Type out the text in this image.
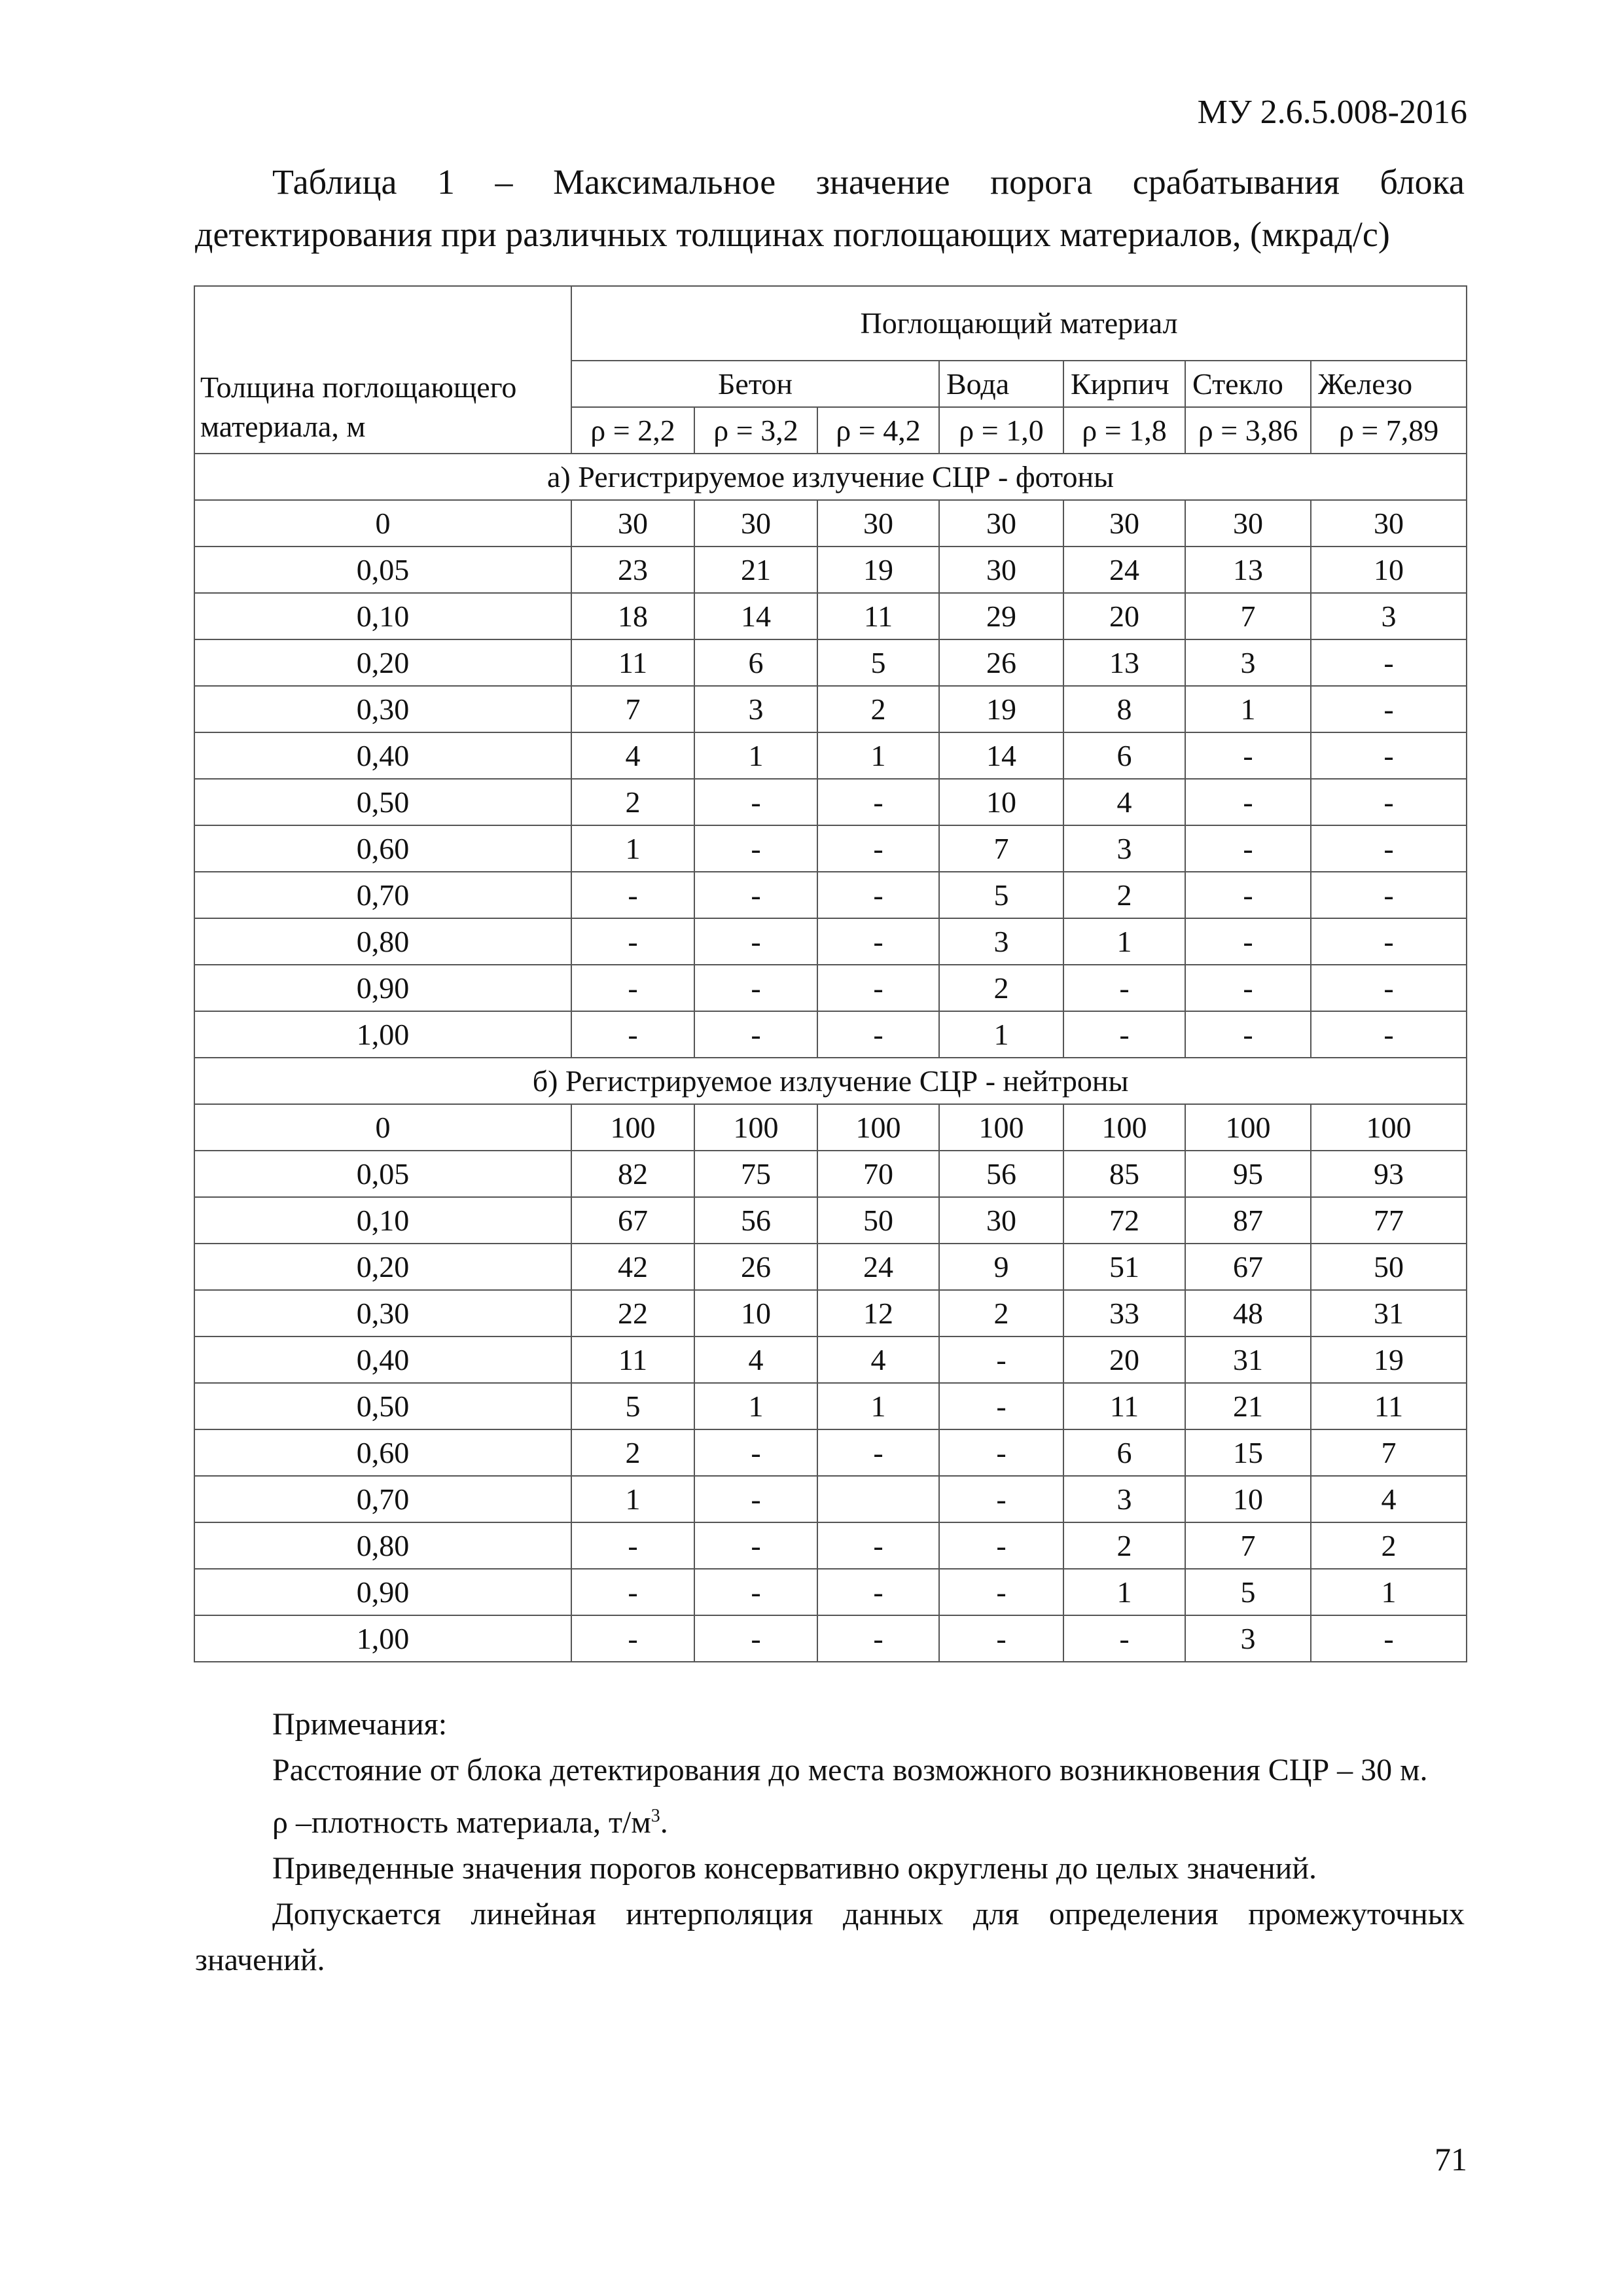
МУ 2.6.5.008-2016

Таблица 1 – Максимальное значение порога срабатывания блока детектирования при различных толщинах поглощающих материалов, (мкрад/с)

Толщина поглощающего материала, м	Поглощающий материал						
	Бетон			Вода	Кирпич	Стекло	Железо
	ρ = 2,2	ρ = 3,2	ρ = 4,2	ρ = 1,0	ρ = 1,8	ρ = 3,86	ρ = 7,89
а) Регистрируемое излучение СЦР - фотоны							
0	30	30	30	30	30	30	30
0,05	23	21	19	30	24	13	10
0,10	18	14	11	29	20	7	3
0,20	11	6	5	26	13	3	-
0,30	7	3	2	19	8	1	-
0,40	4	1	1	14	6	-	-
0,50	2	-	-	10	4	-	-
0,60	1	-	-	7	3	-	-
0,70	-	-	-	5	2	-	-
0,80	-	-	-	3	1	-	-
0,90	-	-	-	2	-	-	-
1,00	-	-	-	1	-	-	-
б) Регистрируемое излучение СЦР - нейтроны							
0	100	100	100	100	100	100	100
0,05	82	75	70	56	85	95	93
0,10	67	56	50	30	72	87	77
0,20	42	26	24	9	51	67	50
0,30	22	10	12	2	33	48	31
0,40	11	4	4	-	20	31	19
0,50	5	1	1	-	11	21	11
0,60	2	-	-	-	6	15	7
0,70	1	-		-	3	10	4
0,80	-	-	-	-	2	7	2
0,90	-	-	-	-	1	5	1
1,00	-	-	-	-	-	3	-

Примечания:

Расстояние от блока детектирования до места возможного возникновения СЦР – 30 м.

ρ –плотность материала, $т/м^3$.

Приведенные значения порогов консервативно округлены до целых значений.

Допускается линейная интерполяция данных для определения промежуточных значений.

71
